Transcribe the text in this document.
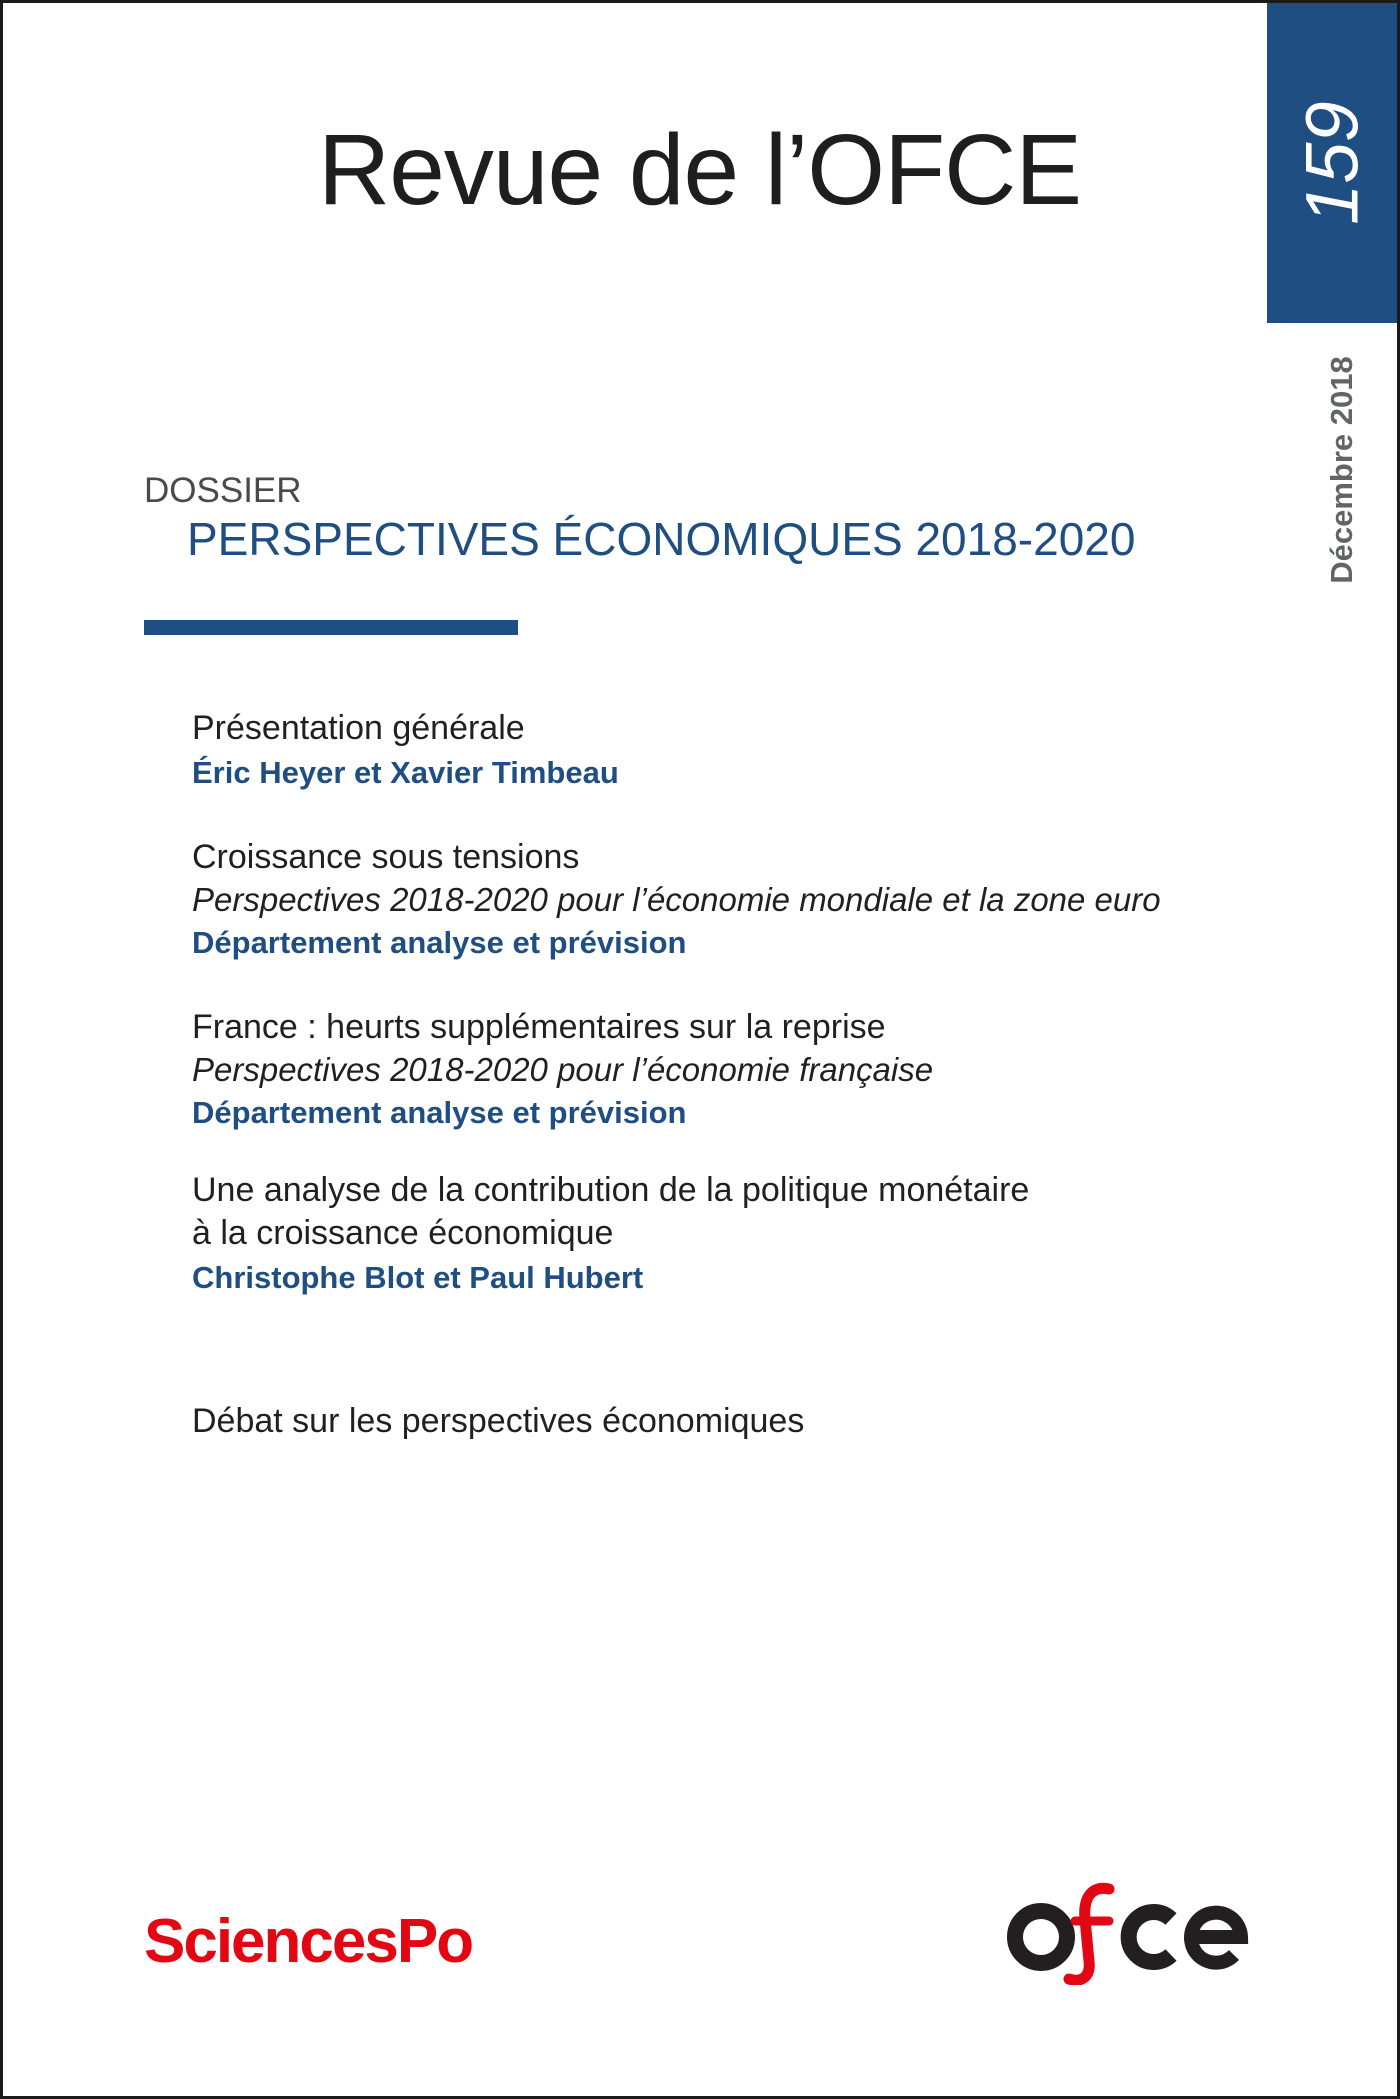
Revue de l’OFCE	159
Décembre 2018
DOSSIER
PERSPECTIVES ÉCONOMIQUES 2018-2020
Présentation générale
Éric Heyer et Xavier Timbeau
Croissance sous tensions
Perspectives 2018-2020 pour l’économie mondiale et la zone euro
Département analyse et prévision
France : heurts supplémentaires sur la reprise
Perspectives 2018-2020 pour l’économie française
Département analyse et prévision
Une analyse de la contribution de la politique monétaire
à la croissance économique
Christophe Blot et Paul Hubert
Débat sur les perspectives économiques
SciencesPo
